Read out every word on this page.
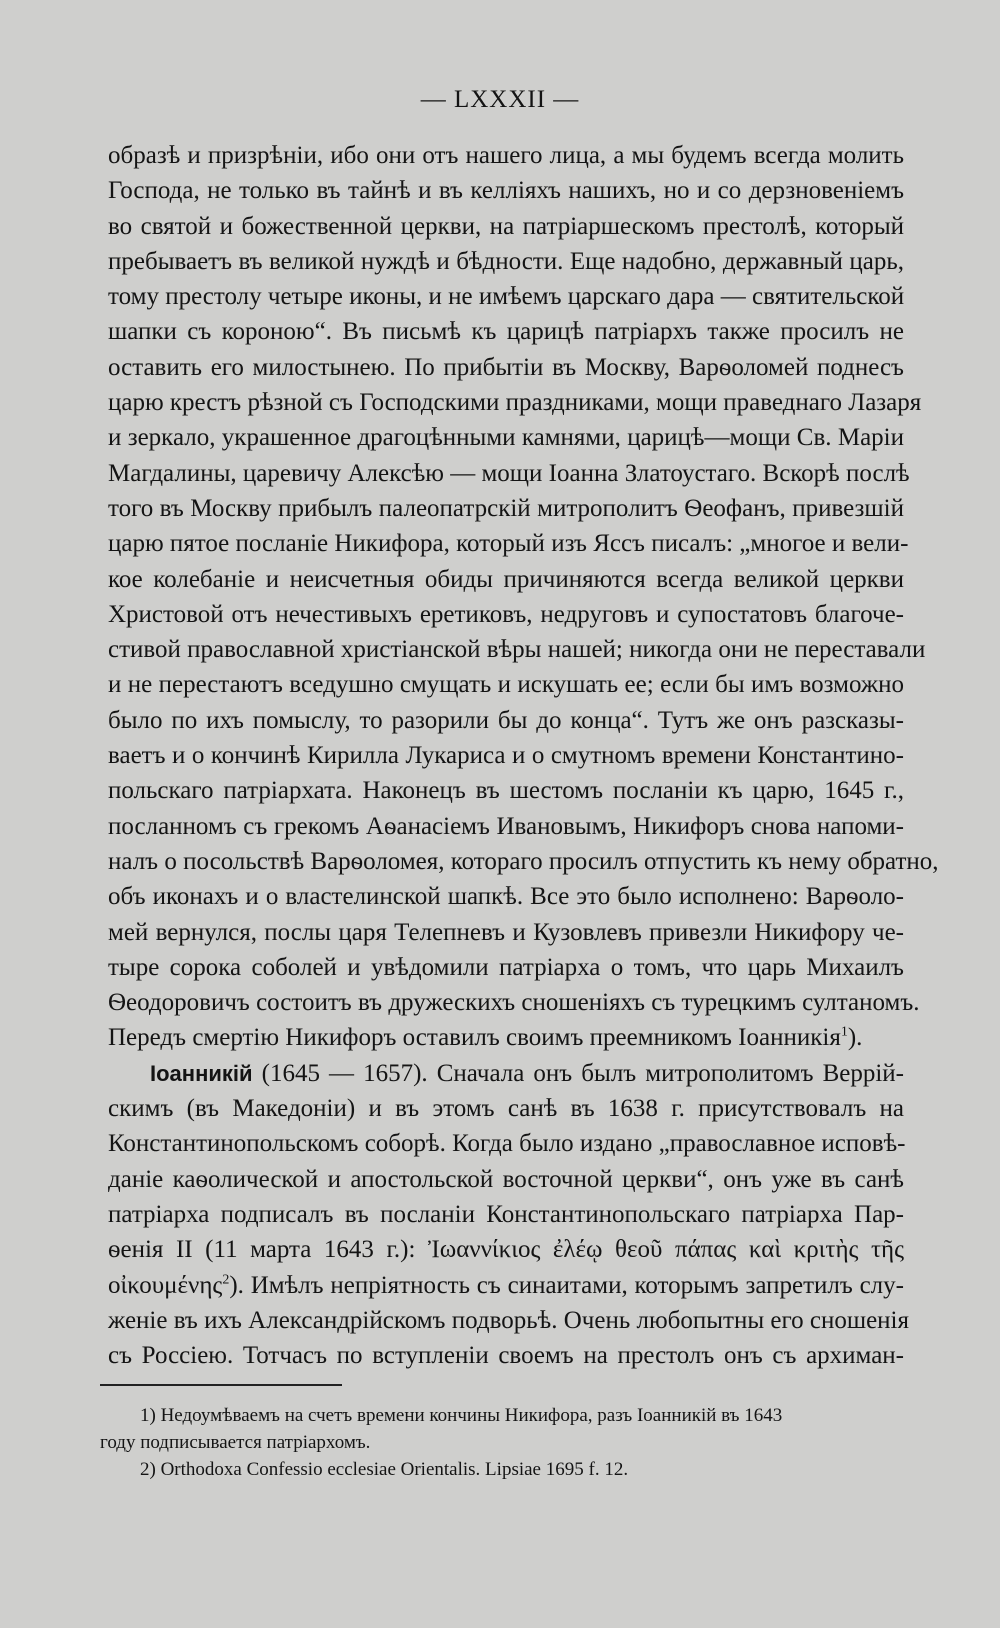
— LXXXII —
образѣ и призрѣніи, ибо они отъ нашего лица, а мы будемъ всегда молить
Господа, не только въ тайнѣ и въ келліяхъ нашихъ, но и со дерзновеніемъ
во святой и божественной церкви, на патріаршескомъ престолѣ, который
пребываетъ въ великой нуждѣ и бѣдности. Еще надобно, державный царь,
тому престолу четыре иконы, и не имѣемъ царскаго дара — святительской
шапки съ короною“. Въ письмѣ къ царицѣ патріархъ также просилъ не
оставить его милостынею. По прибытіи въ Москву, Варѳоломей поднесъ
царю крестъ рѣзной съ Господскими праздниками, мощи праведнаго Лазаря
и зеркало, украшенное драгоцѣнными камнями, царицѣ—мощи Св. Маріи
Магдалины, царевичу Алексѣю — мощи Іоанна Златоустаго. Вскорѣ послѣ
того въ Москву прибылъ палеопатрскій митрополитъ Ѳеофанъ, привезшій
царю пятое посланіе Никифора, который изъ Яссъ писалъ: „многое и вели-
кое колебаніе и неисчетныя обиды причиняются всегда великой церкви
Христовой отъ нечестивыхъ еретиковъ, недруговъ и супостатовъ благоче-
стивой православной христіанской вѣры нашей; никогда они не переставали
и не перестаютъ вседушно смущать и искушать ее; если бы имъ возможно
было по ихъ помыслу, то разорили бы до конца“. Тутъ же онъ разсказы-
ваетъ и о кончинѣ Кирилла Лукариса и о смутномъ времени Константино-
польскаго патріархата. Наконецъ въ шестомъ посланіи къ царю, 1645 г.,
посланномъ съ грекомъ Аѳанасіемъ Ивановымъ, Никифоръ снова напоми-
налъ о посольствѣ Варѳоломея, котораго просилъ отпустить къ нему обратно,
объ иконахъ и о властелинской шапкѣ. Все это было исполнено: Варѳоло-
мей вернулся, послы царя Телепневъ и Кузовлевъ привезли Никифору че-
тыре сорока соболей и увѣдомили патріарха о томъ, что царь Михаилъ
Ѳеодоровичъ состоитъ въ дружескихъ сношеніяхъ съ турецкимъ султаномъ.
Передъ смертію Никифоръ оставилъ своимъ преемникомъ Іоанникія$^1$).
Іоанникій (1645 — 1657). Сначала онъ былъ митрополитомъ Веррій-
скимъ (въ Македоніи) и въ этомъ санѣ въ 1638 г. присутствовалъ на
Константинопольскомъ соборѣ. Когда было издано „православное исповѣ-
даніе каѳолической и апостольской восточной церкви“, онъ уже въ санѣ
патріарха подписалъ въ посланіи Константинопольскаго патріарха Пар-
ѳенія II (11 марта 1643 г.): Ἰωαννίκιος ἐλέῳ θεοῦ πάπας καὶ κριτὴς τῆς
οἰκουμένης$^2$). Имѣлъ непріятность съ синаитами, которымъ запретилъ слу-
женіе въ ихъ Александрійскомъ подворьѣ. Очень любопытны его сношенія
съ Россіею. Тотчасъ по вступленіи своемъ на престолъ онъ съ архиман-
1) Недоумѣваемъ на счетъ времени кончины Никифора, разъ Іоанникій въ 1643
году подписывается патріархомъ.
2) Orthodoxa Confessio ecclesiae Orientalis. Lipsiae 1695 f. 12.
